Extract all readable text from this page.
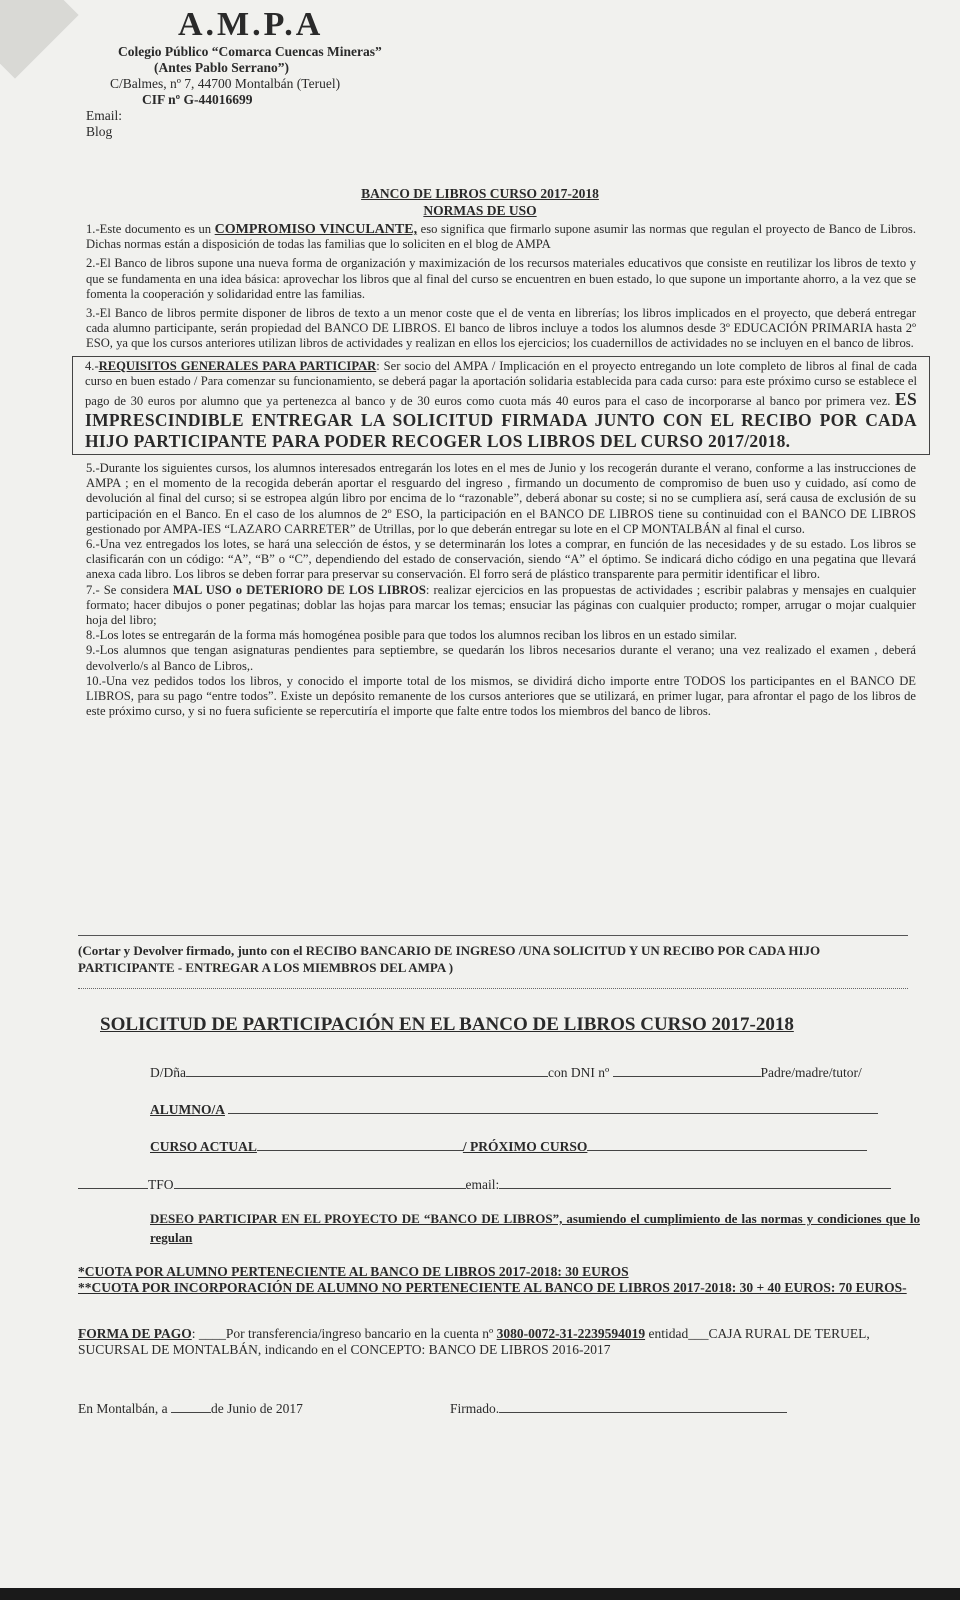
A.M.P.A
Colegio Público “Comarca Cuencas Mineras”
(Antes Pablo Serrano”)
C/Balmes, nº 7, 44700 Montalbán (Teruel)
CIF nº G-44016699
Email:
Blog
BANCO DE LIBROS CURSO 2017-2018
NORMAS DE USO

1.-Este documento es un COMPROMISO VINCULANTE, eso significa que firmarlo supone asumir las normas que regulan el proyecto de Banco de Libros. Dichas normas están a disposición de todas las familias que lo soliciten en el blog de AMPA

2.-El Banco de libros supone una nueva forma de organización y maximización de los recursos materiales educativos que consiste en reutilizar los libros de texto y que se fundamenta en una idea básica: aprovechar los libros que al final del curso se encuentren en buen estado, lo que supone un importante ahorro, a la vez que se fomenta la cooperación y solidaridad entre las familias.

3.-El Banco de libros permite disponer de libros de texto a un menor coste que el de venta en librerías; los libros implicados en el proyecto, que deberá entregar cada alumno participante, serán propiedad del BANCO DE LIBROS. El banco de libros incluye a todos los alumnos desde 3º EDUCACIÓN PRIMARIA hasta 2º ESO, ya que los cursos anteriores utilizan libros de actividades y realizan en ellos los ejercicios; los cuadernillos de actividades no se incluyen en el banco de libros.

4.-REQUISITOS GENERALES PARA PARTICIPAR: Ser socio del AMPA / Implicación en el proyecto entregando un lote completo de libros al final de cada curso en buen estado / Para comenzar su funcionamiento, se deberá pagar la aportación solidaria establecida para cada curso: para este próximo curso se establece el pago de 30 euros por alumno que ya pertenezca al banco y de 30 euros como cuota más 40 euros para el caso de incorporarse al banco por primera vez. ES IMPRESCINDIBLE ENTREGAR LA SOLICITUD FIRMADA JUNTO CON EL RECIBO POR CADA HIJO PARTICIPANTE PARA PODER RECOGER LOS LIBROS DEL CURSO 2017/2018.

5.-Durante los siguientes cursos, los alumnos interesados entregarán los lotes en el mes de Junio y los recogerán durante el verano, conforme a las instrucciones de AMPA ; en el momento de la recogida deberán aportar el resguardo del ingreso , firmando un documento de compromiso de buen uso y cuidado, así como de devolución al final del curso; si se estropea algún libro por encima de lo “razonable”, deberá abonar su coste; si no se cumpliera así, será causa de exclusión de su participación en el Banco. En el caso de los alumnos de 2º ESO, la participación en el BANCO DE LIBROS tiene su continuidad con el BANCO DE LIBROS gestionado por AMPA-IES “LAZARO CARRETER” de Utrillas, por lo que deberán entregar su lote en el CP MONTALBÁN al final el curso.

6.-Una vez entregados los lotes, se hará una selección de éstos, y se determinarán los lotes a comprar, en función de las necesidades y de su estado. Los libros se clasificarán con un código: “A”, “B” o “C”, dependiendo del estado de conservación, siendo “A” el óptimo. Se indicará dicho código en una pegatina que llevará anexa cada libro. Los libros se deben forrar para preservar su conservación. El forro será de plástico transparente para permitir identificar el libro.

7.- Se considera MAL USO o DETERIORO DE LOS LIBROS: realizar ejercicios en las propuestas de actividades ; escribir palabras y mensajes en cualquier formato; hacer dibujos o poner pegatinas; doblar las hojas para marcar los temas; ensuciar las páginas con cualquier producto; romper, arrugar o mojar cualquier hoja del libro;

8.-Los lotes se entregarán de la forma más homogénea posible para que todos los alumnos reciban los libros en un estado similar.

9.-Los alumnos que tengan asignaturas pendientes para septiembre, se quedarán los libros necesarios durante el verano; una vez realizado el examen , deberá devolverlo/s al Banco de Libros,.

10.-Una vez pedidos todos los libros, y conocido el importe total de los mismos, se dividirá dicho importe entre TODOS los participantes en el BANCO DE LIBROS, para su pago “entre todos”. Existe un depósito remanente de los cursos anteriores que se utilizará, en primer lugar, para afrontar el pago de los libros de este próximo curso, y si no fuera suficiente se repercutiría el importe que falte entre todos los miembros del banco de libros.

(Cortar y Devolver firmado, junto con el RECIBO BANCARIO DE INGRESO /UNA SOLICITUD Y UN RECIBO POR CADA HIJO PARTICIPANTE - ENTREGAR A LOS MIEMBROS DEL AMPA )
SOLICITUD DE PARTICIPACIÓN EN EL BANCO DE LIBROS CURSO 2017-2018
D/Dña	con DNI nº	Padre/madre/tutor/
ALUMNO/A
CURSO ACTUAL	/ PRÓXIMO CURSO
TFO	email:
DESEO PARTICIPAR EN EL PROYECTO DE “BANCO DE LIBROS”, asumiendo el cumplimiento de las normas y condiciones que lo regulan
*CUOTA POR ALUMNO PERTENECIENTE AL BANCO DE LIBROS 2017-2018: 30 EUROS
**CUOTA POR INCORPORACIÓN DE ALUMNO NO PERTENECIENTE AL BANCO DE LIBROS 2017-2018: 30 + 40 EUROS: 70 EUROS-
FORMA DE PAGO: ____Por transferencia/ingreso bancario en la cuenta nº 3080-0072-31-2239594019 entidad___CAJA RURAL DE TERUEL, SUCURSAL DE MONTALBÁN, indicando en el CONCEPTO: BANCO DE LIBROS 2016-2017
En Montalbán, a	de Junio de 2017	Firmado.
